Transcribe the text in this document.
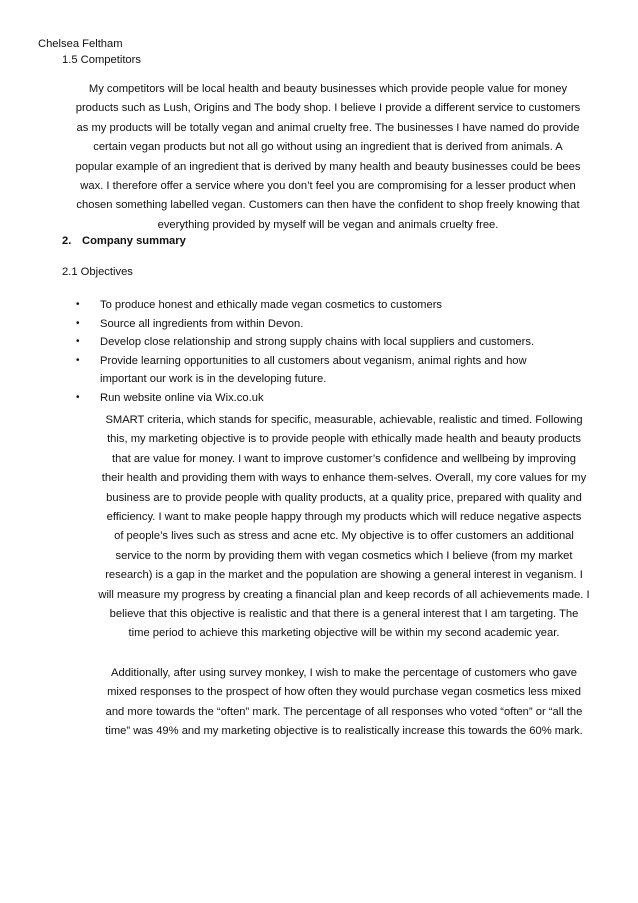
Chelsea Feltham
1.5 Competitors
My competitors will be local health and beauty businesses which provide people value for money
products such as Lush, Origins and The body shop. I believe I provide a different service to customers
as my products will be totally vegan and animal cruelty free. The businesses I have named do provide
certain vegan products but not all go without using an ingredient that is derived from animals. A
popular example of an ingredient that is derived by many health and beauty businesses could be bees
wax. I therefore offer a service where you don’t feel you are compromising for a lesser product when
chosen something labelled vegan. Customers can then have the confident to shop freely knowing that
everything provided by myself will be vegan and animals cruelty free.
2. Company summary
2.1 Objectives
• To produce honest and ethically made vegan cosmetics to customers
• Source all ingredients from within Devon.
• Develop close relationship and strong supply chains with local suppliers and customers.
• Provide learning opportunities to all customers about veganism, animal rights and how
important our work is in the developing future.
• Run website online via Wix.co.uk
SMART criteria, which stands for specific, measurable, achievable, realistic and timed. Following
this, my marketing objective is to provide people with ethically made health and beauty products
that are value for money. I want to improve customer’s confidence and wellbeing by improving
their health and providing them with ways to enhance them-selves. Overall, my core values for my
business are to provide people with quality products, at a quality price, prepared with quality and
efficiency. I want to make people happy through my products which will reduce negative aspects
of people’s lives such as stress and acne etc. My objective is to offer customers an additional
service to the norm by providing them with vegan cosmetics which I believe (from my market
research) is a gap in the market and the population are showing a general interest in veganism. I
will measure my progress by creating a financial plan and keep records of all achievements made. I
believe that this objective is realistic and that there is a general interest that I am targeting. The
time period to achieve this marketing objective will be within my second academic year.
Additionally, after using survey monkey, I wish to make the percentage of customers who gave
mixed responses to the prospect of how often they would purchase vegan cosmetics less mixed
and more towards the “often” mark. The percentage of all responses who voted “often” or “all the
time” was 49% and my marketing objective is to realistically increase this towards the 60% mark.
